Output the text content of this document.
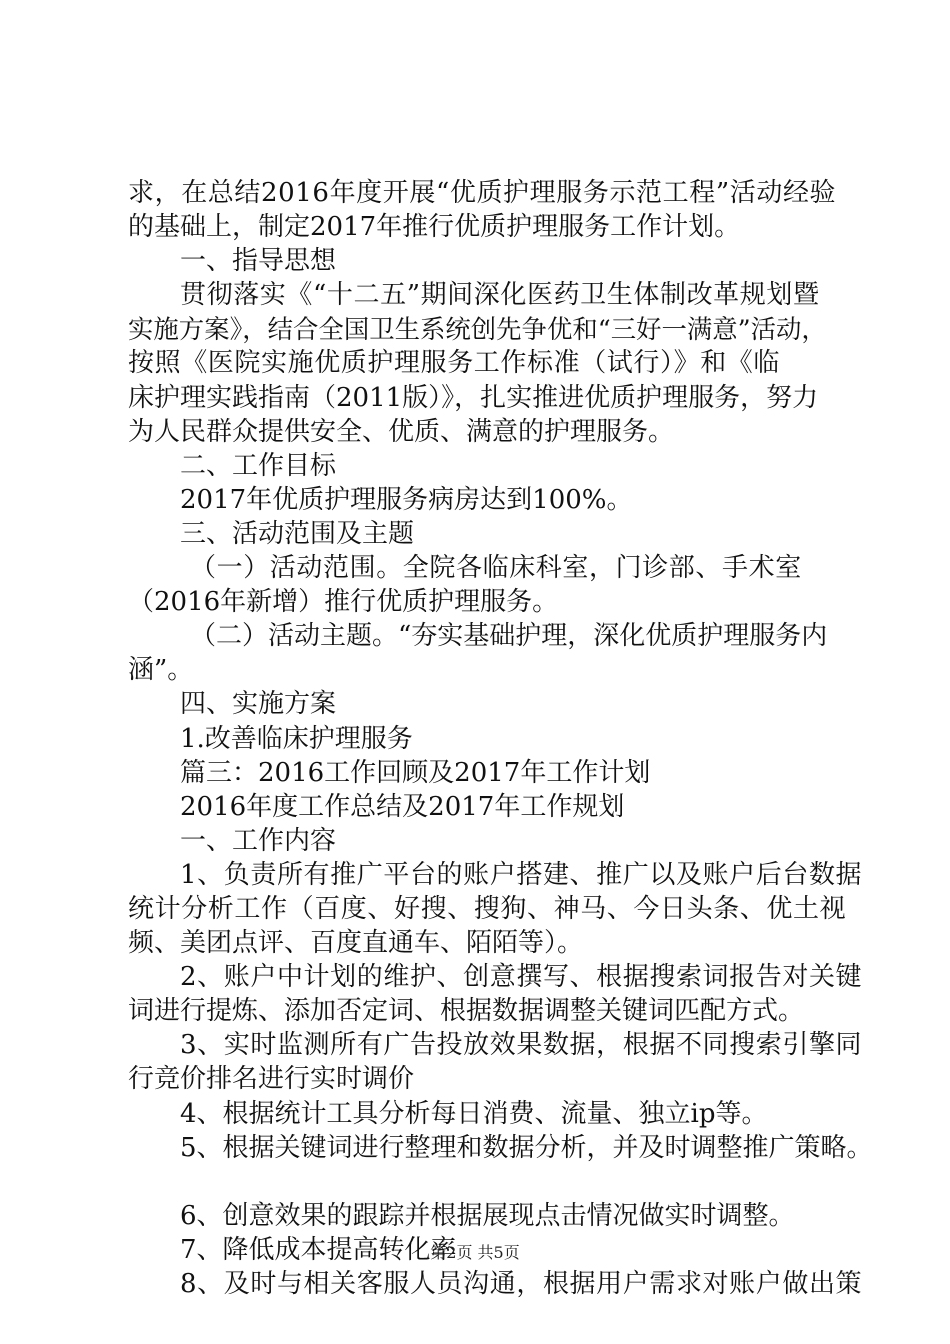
求，在总结2016年度开展“优质护理服务示范工程”活动经验
的基础上，制定2017年推行优质护理服务工作计划。
一、指导思想
贯彻落实《“十二五”期间深化医药卫生体制改革规划暨
实施方案》，结合全国卫生系统创先争优和“三好一满意”活动，
按照《医院实施优质护理服务工作标准（试行）》和《临
床护理实践指南（2011版）》，扎实推进优质护理服务，努力
为人民群众提供安全、优质、满意的护理服务。
二、工作目标
2017年优质护理服务病房达到100%。
三、活动范围及主题
（一）活动范围。全院各临床科室，门诊部、手术室
（2016年新增）推行优质护理服务。
（二）活动主题。“夯实基础护理，深化优质护理服务内
涵”。
四、实施方案
1.改善临床护理服务
篇三：2016工作回顾及2017年工作计划
2016年度工作总结及2017年工作规划
一、工作内容
1、负责所有推广平台的账户搭建、推广以及账户后台数据
统计分析工作（百度、好搜、搜狗、神马、今日头条、优土视
频、美团点评、百度直通车、陌陌等）。
2、账户中计划的维护、创意撰写、根据搜索词报告对关键
词进行提炼、添加否定词、根据数据调整关键词匹配方式。
3、实时监测所有广告投放效果数据，根据不同搜索引擎同
行竞价排名进行实时调价
4、根据统计工具分析每日消费、流量、独立ip等。
5、根据关键词进行整理和数据分析，并及时调整推广策略。
6、创意效果的跟踪并根据展现点击情况做实时调整。
7、降低成本提高转化率
8、及时与相关客服人员沟通，根据用户需求对账户做出策
第2页 共5页
